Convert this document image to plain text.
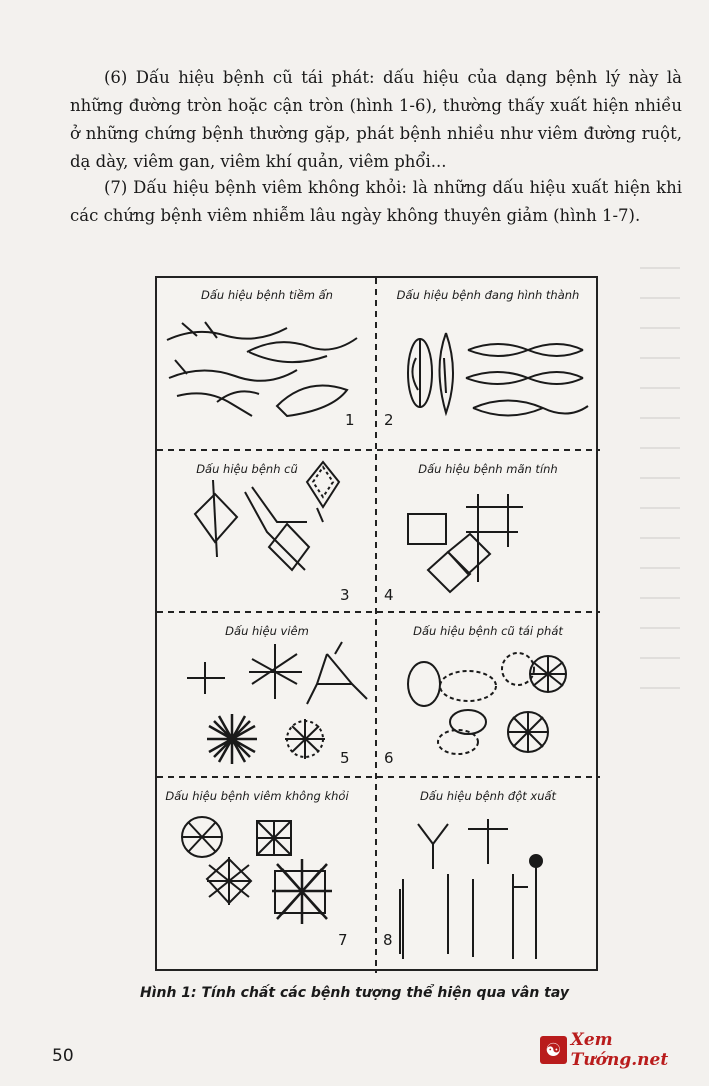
(6) Dấu hiệu bệnh cũ tái phát: dấu hiệu của dạng bệnh lý này là những đường tròn hoặc cận tròn (hình 1-6), thường thấy xuất hiện nhiều ở những chứng bệnh thường gặp, phát bệnh nhiều như viêm đường ruột, dạ dày, viêm gan, viêm khí quản, viêm phổi...

(7) Dấu hiệu bệnh viêm không khỏi: là những dấu hiệu xuất hiện khi các chứng bệnh viêm nhiễm lâu ngày không thuyên giảm (hình 1-7).

Dấu hiệu bệnh tiềm ẩn
1
Dấu hiệu bệnh đang hình thành
2
Dấu hiệu bệnh cũ
3
Dấu hiệu bệnh mãn tính
4
Dấu hiệu viêm
5
Dấu hiệu bệnh cũ tái phát
6
Dấu hiệu bệnh viêm không khỏi
7
Dấu hiệu bệnh đột xuất
8
Hình 1: Tính chất các bệnh tượng thể hiện qua vân tay
50	☯ Xem Tướng.net
